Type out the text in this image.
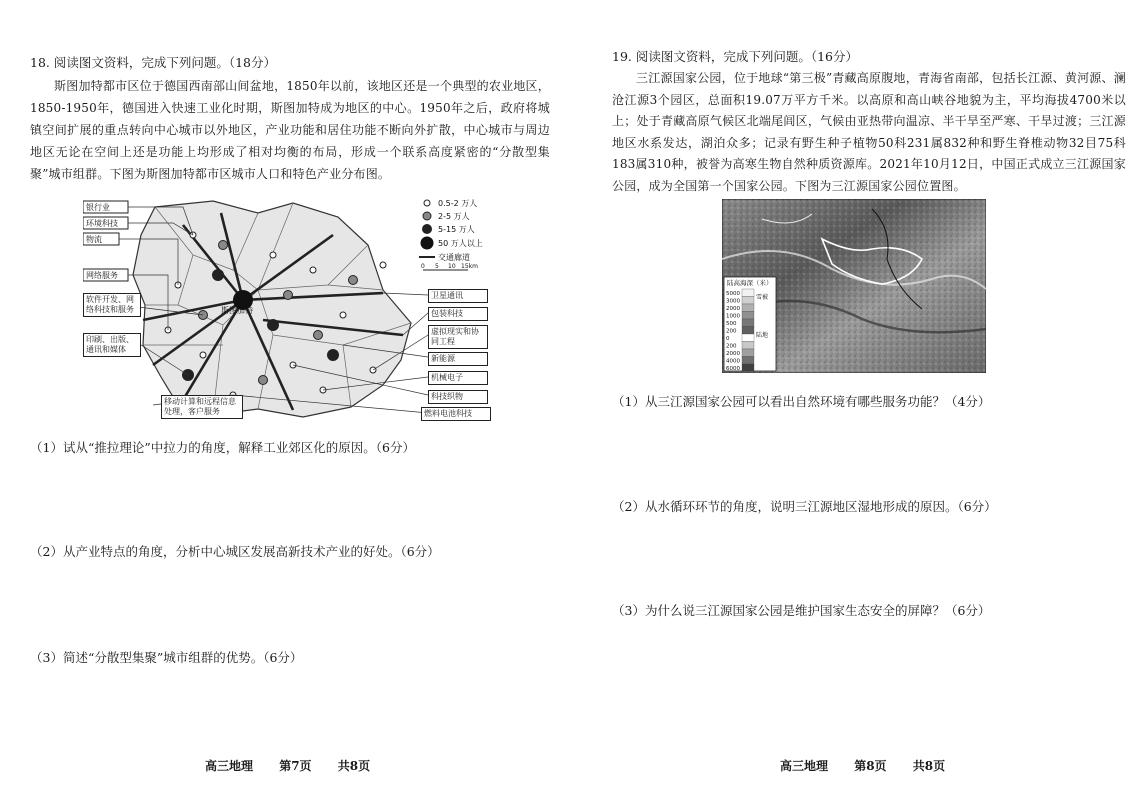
18. 阅读图文资料，完成下列问题。（18分）
斯图加特都市区位于德国西南部山间盆地，1850年以前，该地区还是一个典型的农业地区，1850-1950年，德国进入快速工业化时期，斯图加特成为地区的中心。1950年之后，政府将城镇空间扩展的重点转向中心城市以外地区，产业功能和居住功能不断向外扩散，中心城市与周边地区无论在空间上还是功能上均形成了相对均衡的布局，形成一个联系高度紧密的“分散型集聚”城市组群。下图为斯图加特都市区城市人口和特色产业分布图。
斯图加特
银行业
环境科技
物流
网络服务
软件开发、网络科技和服务
印刷、出版、通讯和媒体
移动计算和远程信息处理，客户服务
卫星通讯
包装科技
虚拟现实和协同工程
新能源
机械电子
科技织物
燃料电池科技
0.5-2 万人
2-5 万人
5-15 万人
50 万人以上
交通廊道
0 5 10 15km
（1）试从“推拉理论”中拉力的角度，解释工业郊区化的原因。（6分）
（2）从产业特点的角度，分析中心城区发展高新技术产业的好处。（6分）
（3）简述“分散型集聚”城市组群的优势。（6分）
高三地理 第7页 共8页
19. 阅读图文资料，完成下列问题。（16分）
三江源国家公园，位于地球“第三极”青藏高原腹地，青海省南部，包括长江源、黄河源、澜沧江源3个园区，总面积19.07万平方千米。以高原和高山峡谷地貌为主，平均海拔4700米以上；处于青藏高原气候区北端尾闾区，气候由亚热带向温凉、半干旱至严寒、干旱过渡；三江源地区水系发达，湖泊众多；记录有野生种子植物50科231属832种和野生脊椎动物32目75科183属310种，被誉为高寒生物自然种质资源库。2021年10月12日，中国正式成立三江源国家公园，成为全国第一个国家公园。下图为三江源国家公园位置图。
陆高海深（米）
5000
3000
2000
1000
500
200
0
200
2000
4000
6000
雪被
陆地
（1）从三江源国家公园可以看出自然环境有哪些服务功能？（4分）
（2）从水循环环节的角度，说明三江源地区湿地形成的原因。（6分）
（3）为什么说三江源国家公园是维护国家生态安全的屏障？（6分）
高三地理 第8页 共8页
